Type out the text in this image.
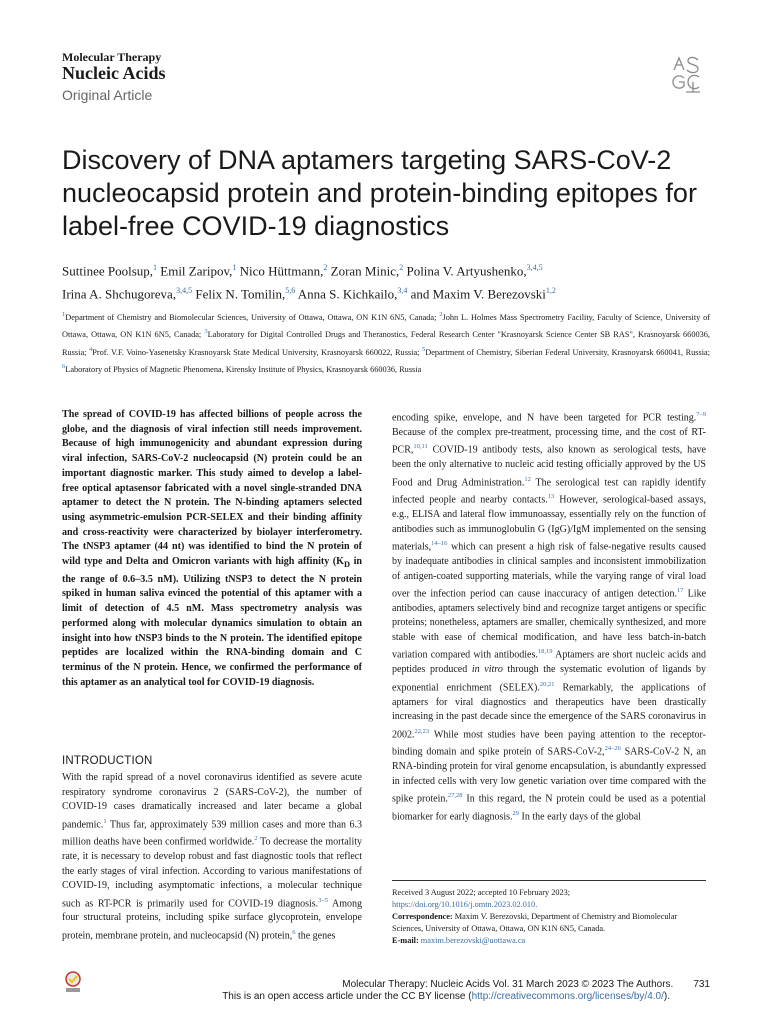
Molecular Therapy
Nucleic Acids
Original Article
Discovery of DNA aptamers targeting SARS-CoV-2 nucleocapsid protein and protein-binding epitopes for label-free COVID-19 diagnostics
Suttinee Poolsup,$^1$ Emil Zaripov,$^1$ Nico Hüttmann,$^2$ Zoran Minic,$^2$ Polina V. Artyushenko,$^{3,4,5}$
Irina A. Shchugoreva,$^{3,4,5}$ Felix N. Tomilin,$^{5,6}$ Anna S. Kichkailo,$^{3,4}$ and Maxim V. Berezovski$^{1,2}$
$^1$Department of Chemistry and Biomolecular Sciences, University of Ottawa, Ottawa, ON K1N 6N5, Canada; $^2$John L. Holmes Mass Spectrometry Facility, Faculty of Science, University of Ottawa, Ottawa, ON K1N 6N5, Canada; $^3$Laboratory for Digital Controlled Drugs and Theranostics, Federal Research Center "Krasnoyarsk Science Center SB RAS", Krasnoyarsk 660036, Russia; $^4$Prof. V.F. Voino-Yasenetsky Krasnoyarsk State Medical University, Krasnoyarsk 660022, Russia; $^5$Department of Chemistry, Siberian Federal University, Krasnoyarsk 660041, Russia; $^6$Laboratory of Physics of Magnetic Phenomena, Kirensky Institute of Physics, Krasnoyarsk 660036, Russia
The spread of COVID-19 has affected billions of people across the globe, and the diagnosis of viral infection still needs improvement. Because of high immunogenicity and abundant expression during viral infection, SARS-CoV-2 nucleocapsid (N) protein could be an important diagnostic marker. This study aimed to develop a label-free optical aptasensor fabricated with a novel single-stranded DNA aptamer to detect the N protein. The N-binding aptamers selected using asymmetric-emulsion PCR-SELEX and their binding affinity and cross-reactivity were characterized by biolayer interferometry. The tNSP3 aptamer (44 nt) was identified to bind the N protein of wild type and Delta and Omicron variants with high affinity ($K_D$ in the range of 0.6–3.5 nM). Utilizing tNSP3 to detect the N protein spiked in human saliva evinced the potential of this aptamer with a limit of detection of 4.5 nM. Mass spectrometry analysis was performed along with molecular dynamics simulation to obtain an insight into how tNSP3 binds to the N protein. The identified epitope peptides are localized within the RNA-binding domain and C terminus of the N protein. Hence, we confirmed the performance of this aptamer as an analytical tool for COVID-19 diagnosis.
INTRODUCTION
With the rapid spread of a novel coronavirus identified as severe acute respiratory syndrome coronavirus 2 (SARS-CoV-2), the number of COVID-19 cases dramatically increased and later became a global pandemic.$^1$ Thus far, approximately 539 million cases and more than 6.3 million deaths have been confirmed worldwide.$^2$ To decrease the mortality rate, it is necessary to develop robust and fast diagnostic tools that reflect the early stages of viral infection. According to various manifestations of COVID-19, including asymptomatic infections, a molecular technique such as RT-PCR is primarily used for COVID-19 diagnosis.$^{3-5}$ Among four structural proteins, including spike surface glycoprotein, envelope protein, membrane protein, and nucleocapsid (N) protein,$^6$ the genes
encoding spike, envelope, and N have been targeted for PCR testing.$^{7-9}$ Because of the complex pre-treatment, processing time, and the cost of RT-PCR,$^{10,11}$ COVID-19 antibody tests, also known as serological tests, have been the only alternative to nucleic acid testing officially approved by the US Food and Drug Administration.$^{12}$ The serological test can rapidly identify infected people and nearby contacts.$^{13}$ However, serological-based assays, e.g., ELISA and lateral flow immunoassay, essentially rely on the function of antibodies such as immunoglobulin G (IgG)/IgM implemented on the sensing materials,$^{14-16}$ which can present a high risk of false-negative results caused by inadequate antibodies in clinical samples and inconsistent immobilization of antigen-coated supporting materials, while the varying range of viral load over the infection period can cause inaccuracy of antigen detection.$^{17}$ Like antibodies, aptamers selectively bind and recognize target antigens or specific proteins; nonetheless, aptamers are smaller, chemically synthesized, and more stable with ease of chemical modification, and have less batch-in-batch variation compared with antibodies.$^{18,19}$ Aptamers are short nucleic acids and peptides produced in vitro through the systematic evolution of ligands by exponential enrichment (SELEX).$^{20,21}$ Remarkably, the applications of aptamers for viral diagnostics and therapeutics have been drastically increasing in the past decade since the emergence of the SARS coronavirus in 2002.$^{22,23}$ While most studies have been paying attention to the receptor-binding domain and spike protein of SARS-CoV-2,$^{24-26}$ SARS-CoV-2 N, an RNA-binding protein for viral genome encapsulation, is abundantly expressed in infected cells with very low genetic variation over time compared with the spike protein.$^{27,28}$ In this regard, the N protein could be used as a potential biomarker for early diagnosis.$^{29}$ In the early days of the global
Received 3 August 2022; accepted 10 February 2023;
https://doi.org/10.1016/j.omtn.2023.02.010.
Correspondence: Maxim V. Berezovski, Department of Chemistry and Biomolecular Sciences, University of Ottawa, Ottawa, ON K1N 6N5, Canada.
E-mail: maxim.berezovski@uottawa.ca
Molecular Therapy: Nucleic Acids Vol. 31 March 2023 © 2023 The Authors. 731
This is an open access article under the CC BY license (http://creativecommons.org/licenses/by/4.0/).
